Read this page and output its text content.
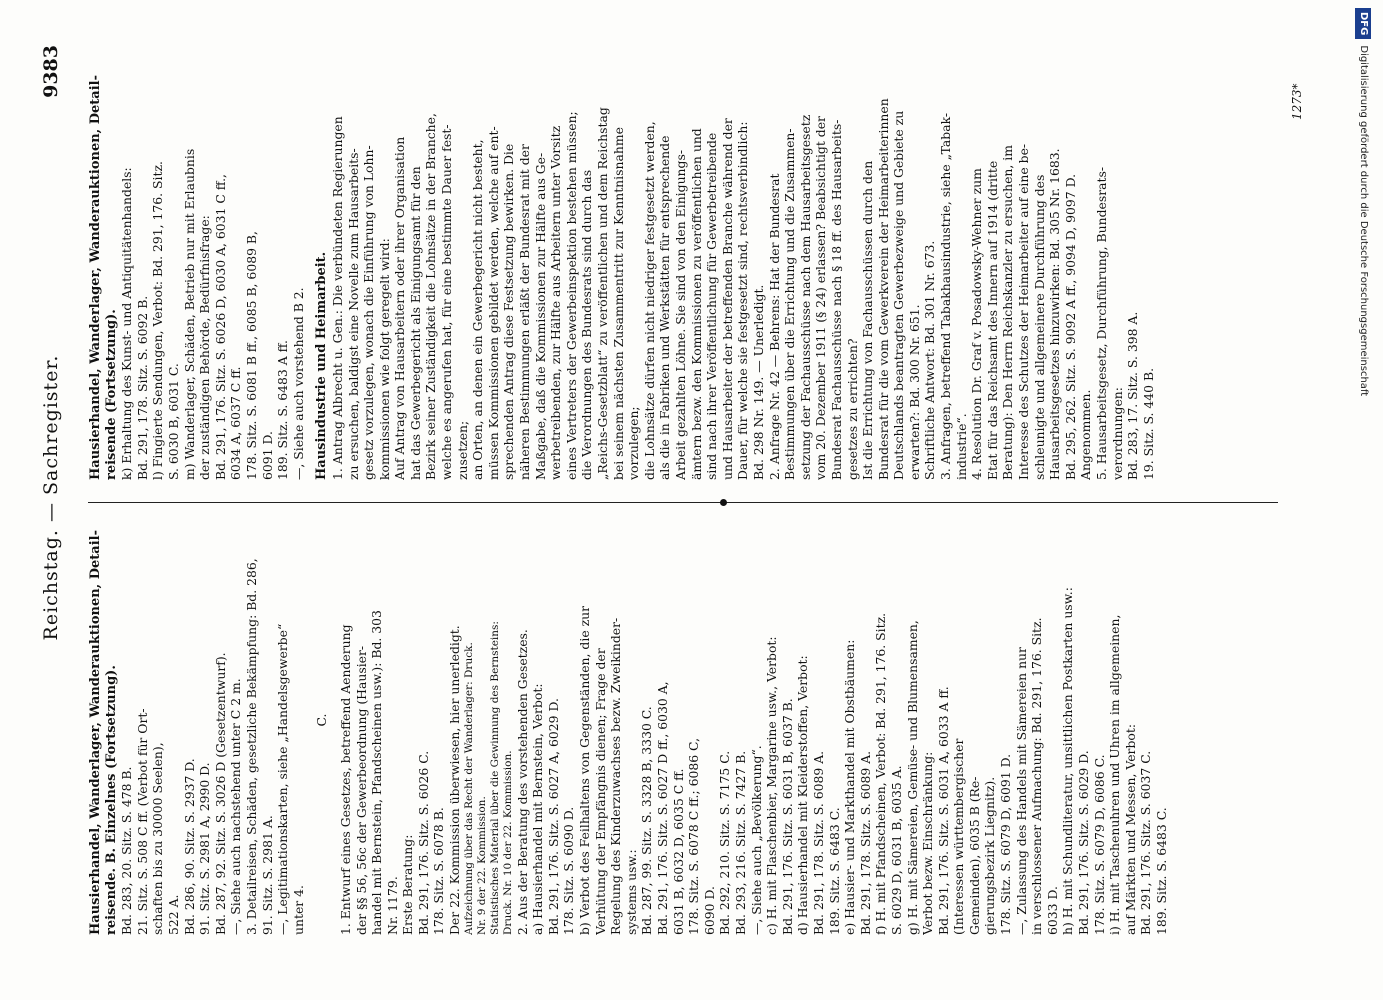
Reichstag. — Sachregister.
9383
Hausierhandel, Wanderlager, Wanderauktionen, Detail- reisende. B. Einzelnes (Fortsetzung). Bd. 283, 20. Sitz. S. 478 B. 21. Sitz. S. 508 C ff. (Verbot für Ort- schaften bis zu 30000 Seelen), 522 A. Bd. 286, 90. Sitz. S. 2937 D. 91. Sitz. S. 2981 A, 2990 D. Bd. 287, 92. Sitz. S. 3026 D (Gesetzentwurf). —, Siehe auch nachstehend unter C 2 m. 3. Detailreisen, Schäden, gesetzliche Bekämpfung: Bd. 286, 91. Sitz. S. 2981 A. —, Legitimationskarten, siehe „Handelsgewerbe“ unter 4.
C. 1. Entwurf eines Gesetzes, betreffend Aenderung der §§ 56, 56c der Gewerbeordnung (Hausier- handel mit Bernstein, Pfandscheinen usw.): Bd. 303 Nr. 1179. Erste Beratung: Bd. 291, 176. Sitz. S. 6026 C. 178. Sitz. S. 6078 B. Der 22. Kommission überwiesen, hier unerledigt. Aufzeichnung über das Recht der Wanderlager: Druck. Nr. 9 der 22. Kommission. Statistisches Material über die Gewinnung des Bernsteins: Druck. Nr. 10 der 22. Kommission. 2. Aus der Beratung des vorstehenden Gesetzes. a) Hausierhandel mit Bernstein, Verbot: Bd. 291, 176. Sitz. S. 6027 A, 6029 D. 178. Sitz. S. 6090 D. b) Verbot des Feilhaltens von Gegenständen, die zur Verhütung der Empfängnis dienen; Frage der Regelung des Kinderzuwachses bezw. Zweikinder- systems usw.: Bd. 287, 99. Sitz. S. 3328 B, 3330 C. Bd. 291, 176. Sitz. S. 6027 D ff., 6030 A, 6031 B, 6032 D, 6035 C ff. 178. Sitz. S. 6078 C ff.; 6086 C, 6090 D. Bd. 292, 210. Sitz. S. 7175 C. Bd. 293, 216. Sitz. S. 7427 B. —, Siehe auch „Bevölkerung“. c) H. mit Flaschenbier, Margarine usw., Verbot: Bd. 291, 176. Sitz. S. 6031 B, 6037 B. d) Hausierhandel mit Kleiderstoffen, Verbot: Bd. 291, 178. Sitz. S. 6089 A. 189. Sitz. S. 6483 C. e) Hausier- und Markthandel mit Obstbäumen: Bd. 291, 178. Sitz. S. 6089 A. f) H. mit Pfandscheinen, Verbot: Bd. 291, 176. Sitz. S. 6029 D, 6031 B, 6035 A. g) H. mit Sämereien, Gemüse- und Blumensamen, Verbot bezw. Einschränkung: Bd. 291, 176. Sitz. S. 6031 A, 6033 A ff. (Interessen württembergischer Gemeinden), 6035 B (Re- gierungsbezirk Liegnitz). 178. Sitz. S. 6079 D, 6091 D. —, Zulassung des Handels mit Sämereien nur in verschlossener Aufmachung: Bd. 291, 176. Sitz. 6033 D. h) H. mit Schundliteratur, unsittlichen Postkarten usw.: Bd. 291, 176. Sitz. S. 6029 D. 178. Sitz. S. 6079 D, 6086 C. i) H. mit Taschenuhren und Uhren im allgemeinen, auf Märkten und Messen, Verbot: Bd. 291, 176. Sitz. S. 6037 C. 189. Sitz. S. 6483 C.
Hausierhandel, Wanderlager, Wanderauktionen, Detail- reisende (Fortsetzung). k) Erhaltung des Kunst- und Antiquitätenhandels: Bd. 291, 178. Sitz. S. 6092 B. l) Fingierte Sendungen, Verbot: Bd. 291, 176. Sitz. S. 6030 B, 6031 C. m) Wanderlager, Schäden, Betrieb nur mit Erlaubnis der zuständigen Behörde, Bedürfnisfrage: Bd. 291, 176. Sitz. S. 6026 D, 6030 A, 6031 C ff., 6034 A, 6037 C ff. 178. Sitz. S. 6081 B ff., 6085 B, 6089 B, 6091 D. 189. Sitz. S. 6483 A ff. —, Siehe auch vorstehend B 2. Hausindustrie und Heimarbeit. 1. Antrag Albrecht u. Gen.: Die verbündeten Regierungen zu ersuchen, baldigst eine Novelle zum Hausarbeits- gesetz vorzulegen, wonach die Einführung von Lohn- kommissionen wie folgt geregelt wird: Auf Antrag von Hausarbeitern oder ihrer Organisation hat das Gewerbegericht als Einigungsamt für den Bezirk seiner Zuständigkeit die Lohnsätze in der Branche, welche es angerufen hat, für eine bestimmte Dauer fest- zusetzen; an Orten, an denen ein Gewerbegericht nicht besteht, müssen Kommissionen gebildet werden, welche auf ent- sprechenden Antrag diese Festsetzung bewirken. Die näheren Bestimmungen erläßt der Bundesrat mit der Maßgabe, daß die Kommissionen zur Hälfte aus Ge- werbetreibenden, zur Hälfte aus Arbeitern unter Vorsitz eines Vertreters der Gewerbeinspektion bestehen müssen; die Verordnungen des Bundesrats sind durch das „Reichs-Gesetzblatt“ zu veröffentlichen und dem Reichstag bei seinem nächsten Zusammentritt zur Kenntnisnahme vorzulegen; die Lohnsätze dürfen nicht niedriger festgesetzt werden, als die in Fabriken und Werkstätten für entsprechende Arbeit gezahlten Löhne. Sie sind von den Einigungs- ämtern bezw. den Kommissionen zu veröffentlichen und sind nach ihrer Veröffentlichung für Gewerbetreibende und Hausarbeiter der betreffenden Branche während der Dauer, für welche sie festgesetzt sind, rechtsverbindlich: Bd. 298 Nr. 149. — Unerledigt. 2. Anfrage Nr. 42 — Behrens: Hat der Bundesrat Bestimmungen über die Errichtung und die Zusammen- setzung der Fachausschüsse nach dem Hausarbeitsgesetz vom 20. Dezember 1911 (§ 24) erlassen? Beabsichtigt der Bundesrat Fachausschüsse nach § 18 ff. des Hausarbeits- gesetzes zu errichten? Ist die Errichtung von Fachausschüssen durch den Bundesrat für die vom Gewerkverein der Heimarbeiterinnen Deutschlands beantragten Gewerbezweige und Gebiete zu erwarten?: Bd. 300 Nr. 651. Schriftliche Antwort: Bd. 301 Nr. 673. 3. Anfragen, betreffend Tabakhausindustrie, siehe „Tabak- industrie“. 4. Resolution Dr. Graf v. Posadowsky-Wehner zum Etat für das Reichsamt des Innern auf 1914 (dritte Beratung): Den Herrn Reichskanzler zu ersuchen, im Interesse des Schutzes der Heimarbeiter auf eine be- schleunigte und allgemeinere Durchführung des Hausarbeitsgesetzes hinzuwirken: Bd. 305 Nr. 1683. Bd. 295, 262. Sitz. S. 9092 A ff., 9094 D, 9097 D. Angenommen. 5. Hausarbeitsgesetz, Durchführung, Bundesrats- verordnungen: Bd. 283, 17. Sitz. S. 398 A. 19. Sitz. S. 440 B.
1273*
DFGDigitalisierung gefördert durch die Deutsche Forschungsgemeinschaft
